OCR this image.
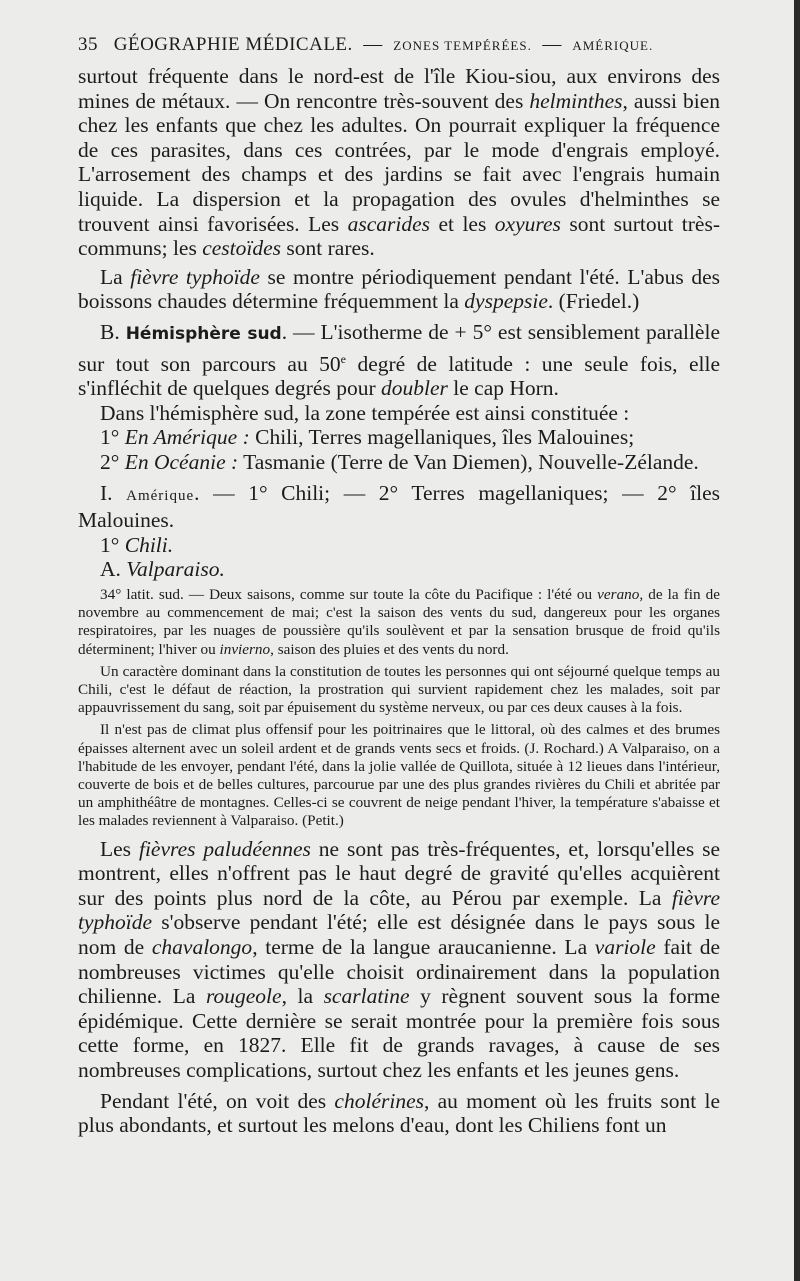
35 GÉOGRAPHIE MÉDICALE. — ZONES TEMPÉRÉES. — AMÉRIQUE.

surtout fréquente dans le nord-est de l'île Kiou-siou, aux environs des mines de métaux. — On rencontre très-souvent des helminthes, aussi bien chez les enfants que chez les adultes. On pourrait expliquer la fréquence de ces parasites, dans ces contrées, par le mode d'engrais employé. L'arrosement des champs et des jardins se fait avec l'engrais humain liquide. La dispersion et la propagation des ovules d'helminthes se trouvent ainsi favorisées. Les ascarides et les oxyures sont surtout très-communs; les cestoïdes sont rares.

La fièvre typhoïde se montre périodiquement pendant l'été. L'abus des boissons chaudes détermine fréquemment la dyspepsie. (Friedel.)

B. Hémisphère sud. — L'isotherme de + 5° est sensiblement parallèle sur tout son parcours au 50e degré de latitude : une seule fois, elle s'infléchit de quelques degrés pour doubler le cap Horn.

Dans l'hémisphère sud, la zone tempérée est ainsi constituée :

1° En Amérique : Chili, Terres magellaniques, îles Malouines;

2° En Océanie : Tasmanie (Terre de Van Diemen), Nouvelle-Zélande.

I. Amérique. — 1° Chili; — 2° Terres magellaniques; — 2° îles Malouines.

1° Chili.

A. Valparaiso.

34° latit. sud. — Deux saisons, comme sur toute la côte du Pacifique : l'été ou verano, de la fin de novembre au commencement de mai; c'est la saison des vents du sud, dangereux pour les organes respiratoires, par les nuages de poussière qu'ils soulèvent et par la sensation brusque de froid qu'ils déterminent; l'hiver ou invierno, saison des pluies et des vents du nord.

Un caractère dominant dans la constitution de toutes les personnes qui ont séjourné quelque temps au Chili, c'est le défaut de réaction, la prostration qui survient rapidement chez les malades, soit par appauvrissement du sang, soit par épuisement du système nerveux, ou par ces deux causes à la fois.

Il n'est pas de climat plus offensif pour les poitrinaires que le littoral, où des calmes et des brumes épaisses alternent avec un soleil ardent et de grands vents secs et froids. (J. Rochard.) A Valparaiso, on a l'habitude de les envoyer, pendant l'été, dans la jolie vallée de Quillota, située à 12 lieues dans l'intérieur, couverte de bois et de belles cultures, parcourue par une des plus grandes rivières du Chili et abritée par un amphithéâtre de montagnes. Celles-ci se couvrent de neige pendant l'hiver, la température s'abaisse et les malades reviennent à Valparaiso. (Petit.)

Les fièvres paludéennes ne sont pas très-fréquentes, et, lorsqu'elles se montrent, elles n'offrent pas le haut degré de gravité qu'elles acquièrent sur des points plus nord de la côte, au Pérou par exemple. La fièvre typhoïde s'observe pendant l'été; elle est désignée dans le pays sous le nom de chavalongo, terme de la langue araucanienne. La variole fait de nombreuses victimes qu'elle choisit ordinairement dans la population chilienne. La rougeole, la scarlatine y règnent souvent sous la forme épidémique. Cette dernière se serait montrée pour la première fois sous cette forme, en 1827. Elle fit de grands ravages, à cause de ses nombreuses complications, surtout chez les enfants et les jeunes gens.

Pendant l'été, on voit des cholérines, au moment où les fruits sont le plus abondants, et surtout les melons d'eau, dont les Chiliens font un
